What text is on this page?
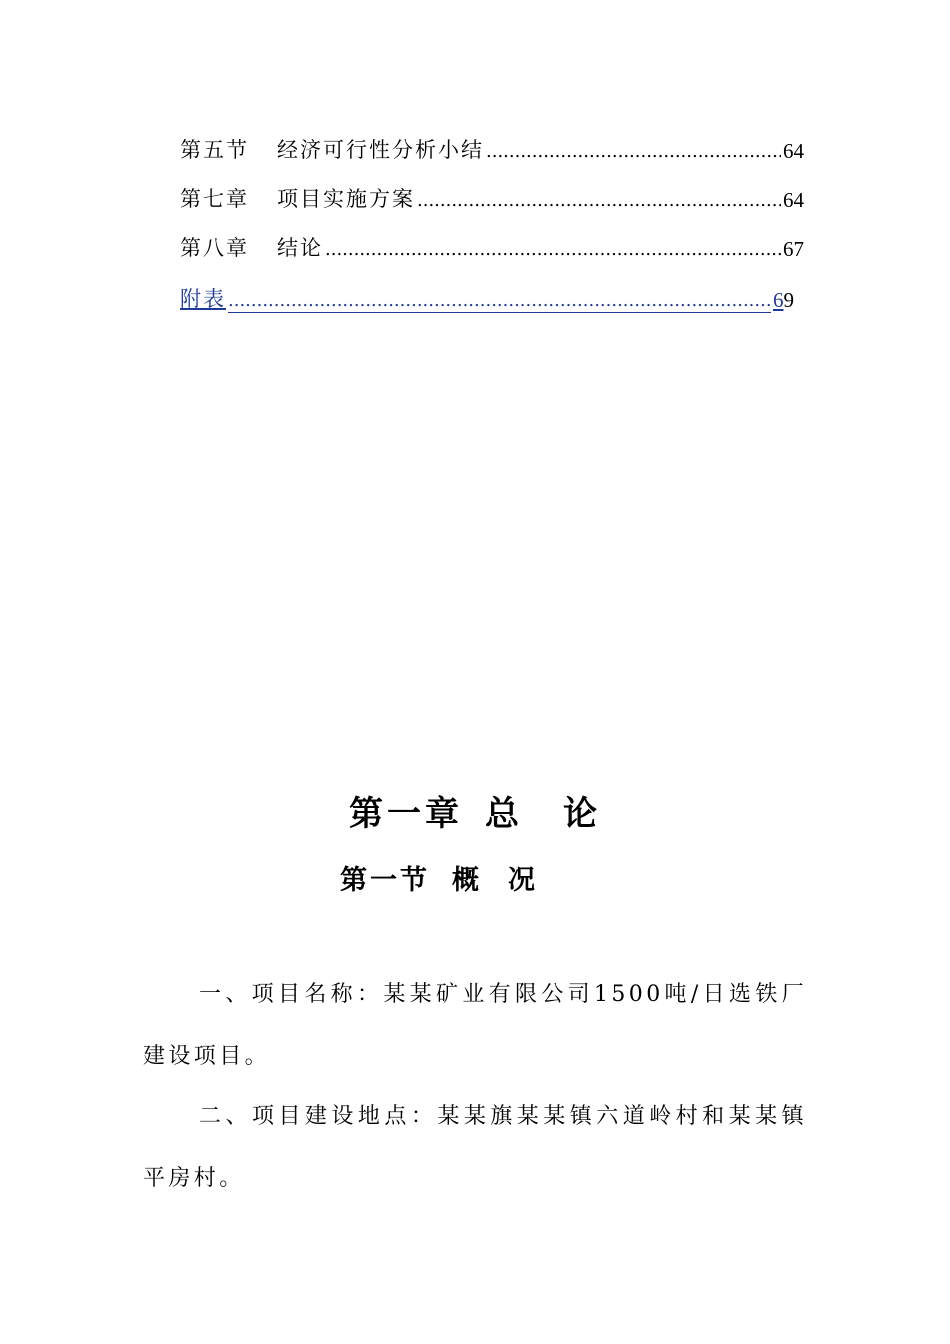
第五节 经济可行性分析小结 .....	64
第七章 项目实施方案 .....	64
第八章 结论 .....	67
附表 .....	69
第一章 总 论
第一节 概 况

一、项目名称：某某矿业有限公司1500吨/日选铁厂建设项目。

二、项目建设地点：某某旗某某镇六道岭村和某某镇平房村。
